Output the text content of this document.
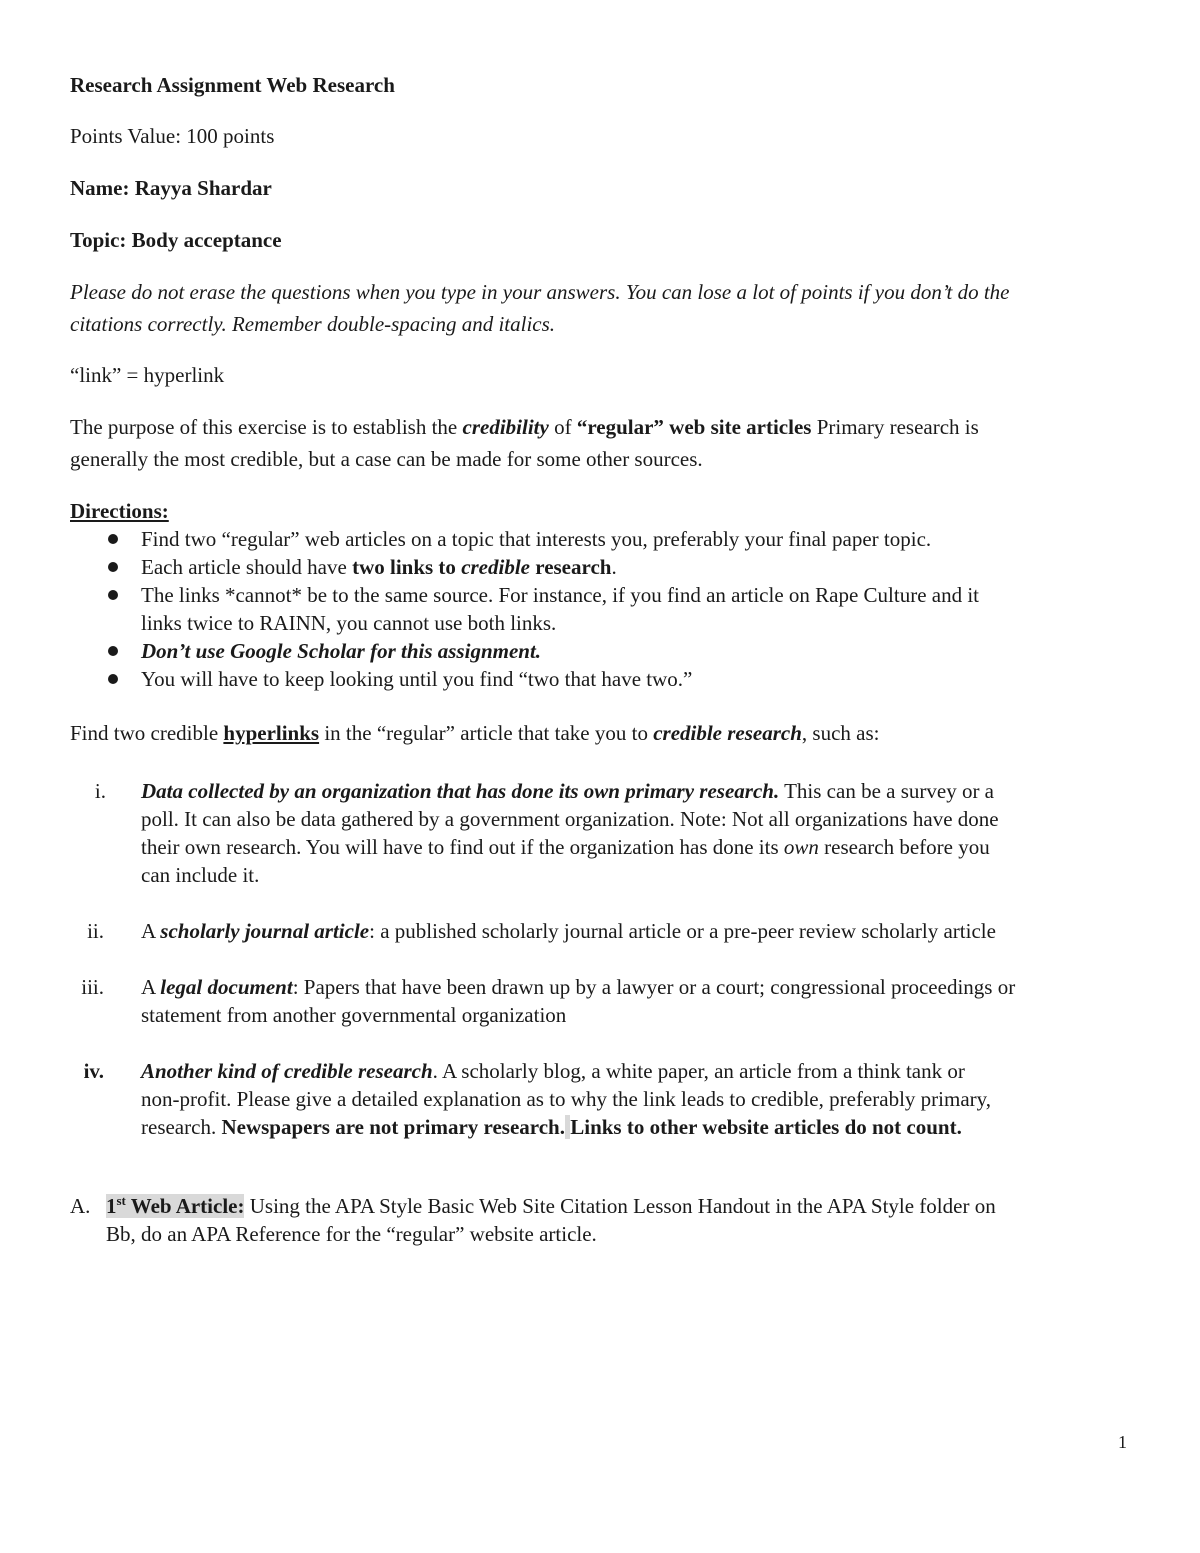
Research Assignment Web Research
Points Value: 100 points
Name: Rayya Shardar
Topic: Body acceptance
Please do not erase the questions when you type in your answers. You can lose a lot of points if you don’t do the
citations correctly. Remember double-spacing and italics.
“link” = hyperlink
The purpose of this exercise is to establish the credibility of “regular” web site articles Primary research is
generally the most credible, but a case can be made for some other sources.
Directions:
Find two “regular” web articles on a topic that interests you, preferably your final paper topic.
Each article should have two links to credible research.
The links *cannot* be to the same source. For instance, if you find an article on Rape Culture and it
links twice to RAINN, you cannot use both links.
Don’t use Google Scholar for this assignment.
You will have to keep looking until you find “two that have two.”
Find two credible hyperlinks in the “regular” article that take you to credible research, such as:
i. Data collected by an organization that has done its own primary research. This can be a survey or a
poll. It can also be data gathered by a government organization. Note: Not all organizations have done
their own research. You will have to find out if the organization has done its own research before you
can include it.
ii. A scholarly journal article: a published scholarly journal article or a pre-peer review scholarly article
iii. A legal document: Papers that have been drawn up by a lawyer or a court; congressional proceedings or
statement from another governmental organization
iv. Another kind of credible research. A scholarly blog, a white paper, an article from a think tank or
non-profit. Please give a detailed explanation as to why the link leads to credible, preferably primary,
research. Newspapers are not primary research. Links to other website articles do not count.
A. 1st Web Article: Using the APA Style Basic Web Site Citation Lesson Handout in the APA Style folder on
Bb, do an APA Reference for the “regular” website article.
1
